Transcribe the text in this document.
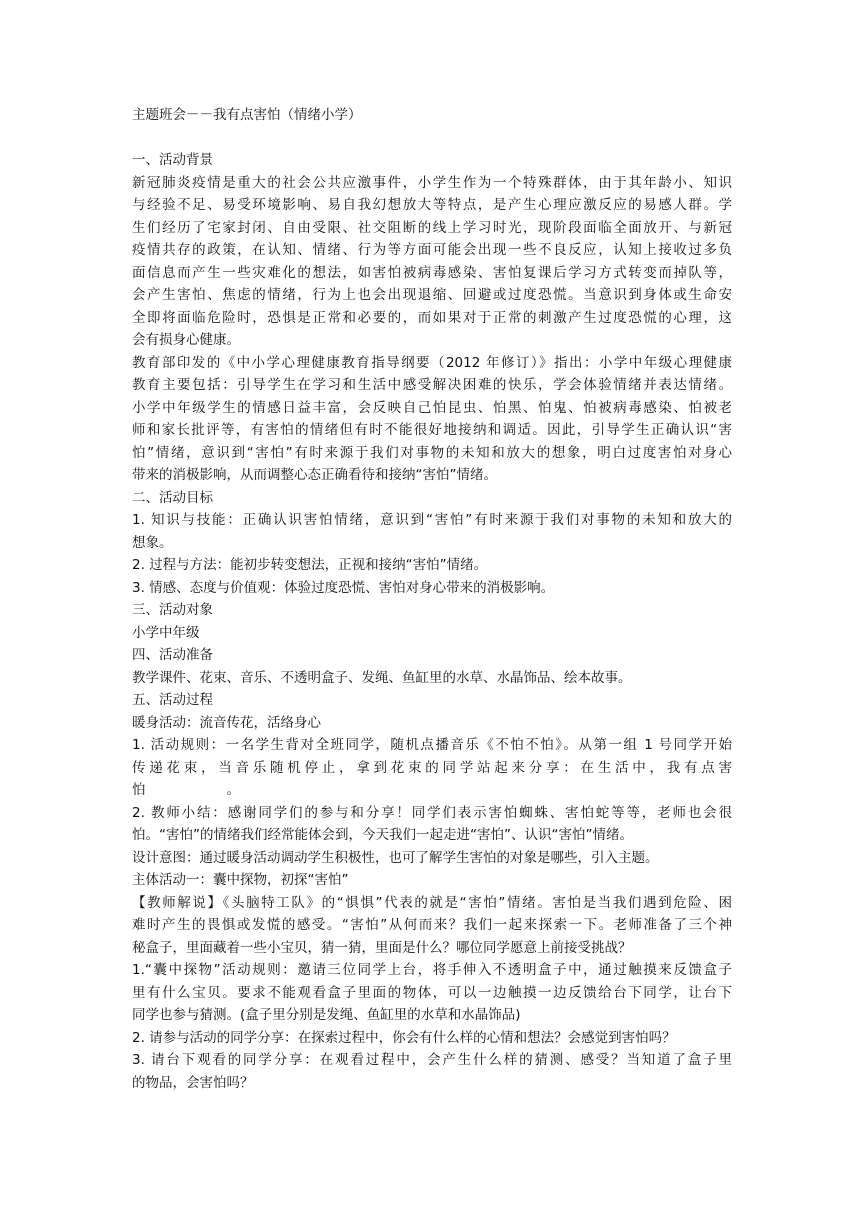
主题班会－－我有点害怕（情绪小学）
一、活动背景
新冠肺炎疫情是重大的社会公共应激事件，小学生作为一个特殊群体，由于其年龄小、知识
与经验不足、易受环境影响、易自我幻想放大等特点，是产生心理应激反应的易感人群。学
生们经历了宅家封闭、自由受限、社交阻断的线上学习时光，现阶段面临全面放开、与新冠
疫情共存的政策，在认知、情绪、行为等方面可能会出现一些不良反应，认知上接收过多负
面信息而产生一些灾难化的想法，如害怕被病毒感染、害怕复课后学习方式转变而掉队等，
会产生害怕、焦虑的情绪，行为上也会出现退缩、回避或过度恐慌。当意识到身体或生命安
全即将面临危险时，恐惧是正常和必要的，而如果对于正常的刺激产生过度恐慌的心理，这
会有损身心健康。
教育部印发的《中小学心理健康教育指导纲要（2012 年修订）》指出：小学中年级心理健康
教育主要包括：引导学生在学习和生活中感受解决困难的快乐，学会体验情绪并表达情绪。
小学中年级学生的情感日益丰富，会反映自己怕昆虫、怕黑、怕鬼、怕被病毒感染、怕被老
师和家长批评等，有害怕的情绪但有时不能很好地接纳和调适。因此，引导学生正确认识“害
怕”情绪，意识到“害怕”有时来源于我们对事物的未知和放大的想象，明白过度害怕对身心
带来的消极影响，从而调整心态正确看待和接纳“害怕”情绪。
二、活动目标
1. 知识与技能：正确认识害怕情绪，意识到“害怕”有时来源于我们对事物的未知和放大的
想象。
2. 过程与方法：能初步转变想法，正视和接纳“害怕”情绪。
3. 情感、态度与价值观：体验过度恐慌、害怕对身心带来的消极影响。
三、活动对象
小学中年级
四、活动准备
教学课件、花束、音乐、不透明盒子、发绳、鱼缸里的水草、水晶饰品、绘本故事。
五、活动过程
暖身活动：流音传花，活络身心
1. 活动规则：一名学生背对全班同学，随机点播音乐《不怕不怕》。从第一组 1 号同学开始
传递花束，当音乐随机停止，拿到花束的同学站起来分享：在生活中，我有点害
怕　　　　　　。
2. 教师小结：感谢同学们的参与和分享！同学们表示害怕蜘蛛、害怕蛇等等，老师也会很
怕。“害怕”的情绪我们经常能体会到，今天我们一起走进“害怕”、认识“害怕”情绪。
设计意图：通过暖身活动调动学生积极性，也可了解学生害怕的对象是哪些，引入主题。
主体活动一：囊中探物，初探“害怕”
【教师解说】《头脑特工队》的“惧惧”代表的就是“害怕”情绪。害怕是当我们遇到危险、困
难时产生的畏惧或发慌的感受。“害怕”从何而来？我们一起来探索一下。老师准备了三个神
秘盒子，里面藏着一些小宝贝，猜一猜，里面是什么？哪位同学愿意上前接受挑战？
1.“囊中探物”活动规则：邀请三位同学上台，将手伸入不透明盒子中，通过触摸来反馈盒子
里有什么宝贝。要求不能观看盒子里面的物体，可以一边触摸一边反馈给台下同学，让台下
同学也参与猜测。(盒子里分别是发绳、鱼缸里的水草和水晶饰品)
2. 请参与活动的同学分享：在探索过程中，你会有什么样的心情和想法？会感觉到害怕吗？
3. 请台下观看的同学分享：在观看过程中，会产生什么样的猜测、感受？当知道了盒子里
的物品，会害怕吗？
